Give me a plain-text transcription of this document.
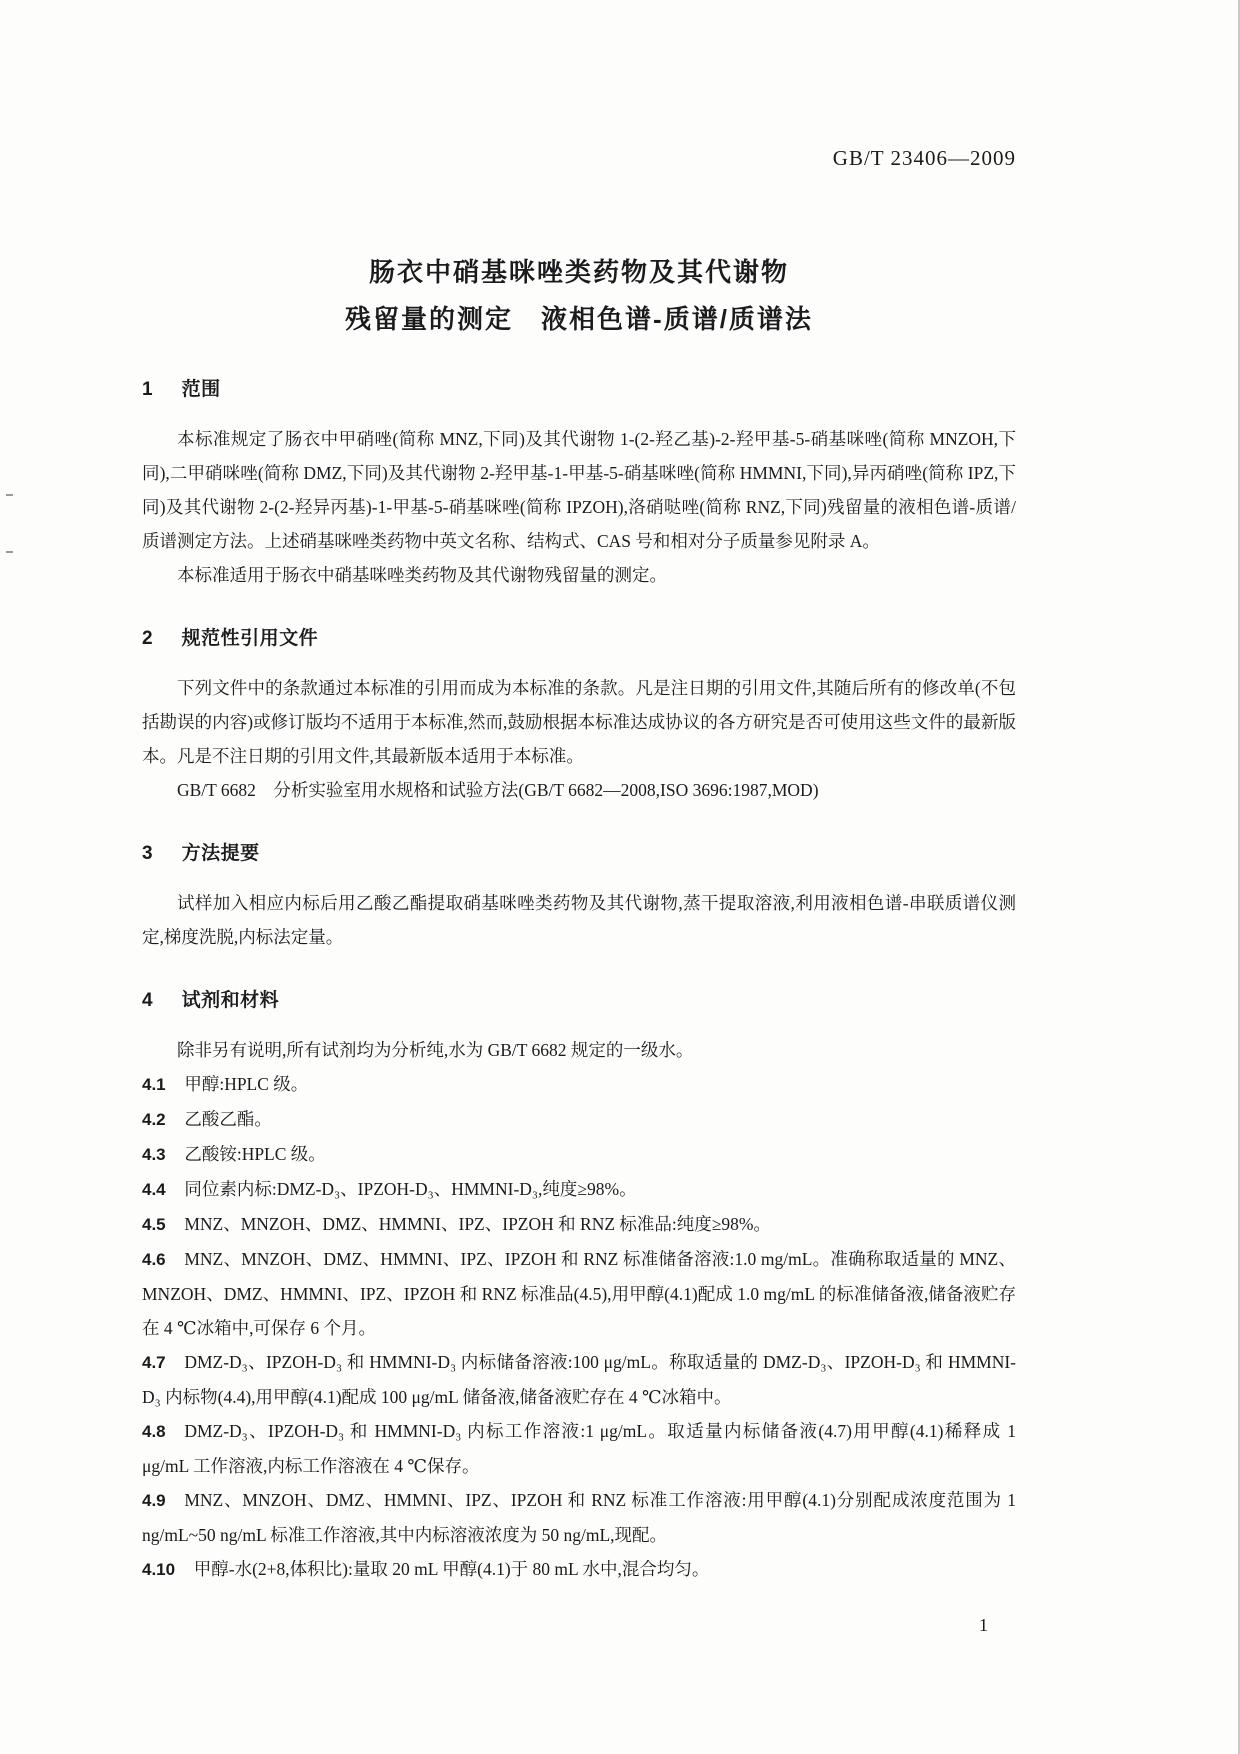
GB/T 23406—2009
肠衣中硝基咪唑类药物及其代谢物
残留量的测定　液相色谱-质谱/质谱法
1 范围

本标准规定了肠衣中甲硝唑(简称 MNZ,下同)及其代谢物 1-(2-羟乙基)-2-羟甲基-5-硝基咪唑(简称 MNZOH,下同),二甲硝咪唑(简称 DMZ,下同)及其代谢物 2-羟甲基-1-甲基-5-硝基咪唑(简称 HMMNI,下同),异丙硝唑(简称 IPZ,下同)及其代谢物 2-(2-羟异丙基)-1-甲基-5-硝基咪唑(简称 IPZOH),洛硝哒唑(简称 RNZ,下同)残留量的液相色谱-质谱/质谱测定方法。上述硝基咪唑类药物中英文名称、结构式、CAS 号和相对分子质量参见附录 A。

本标准适用于肠衣中硝基咪唑类药物及其代谢物残留量的测定。

2 规范性引用文件

下列文件中的条款通过本标准的引用而成为本标准的条款。凡是注日期的引用文件,其随后所有的修改单(不包括勘误的内容)或修订版均不适用于本标准,然而,鼓励根据本标准达成协议的各方研究是否可使用这些文件的最新版本。凡是不注日期的引用文件,其最新版本适用于本标准。

GB/T 6682　分析实验室用水规格和试验方法(GB/T 6682—2008,ISO 3696:1987,MOD)

3 方法提要

试样加入相应内标后用乙酸乙酯提取硝基咪唑类药物及其代谢物,蒸干提取溶液,利用液相色谱-串联质谱仪测定,梯度洗脱,内标法定量。

4 试剂和材料

除非另有说明,所有试剂均为分析纯,水为 GB/T 6682 规定的一级水。

4.1 甲醇:HPLC 级。

4.2 乙酸乙酯。

4.3 乙酸铵:HPLC 级。

4.4 同位素内标:DMZ-D₃、IPZOH-D₃、HMMNI-D₃,纯度≥98%。

4.5 MNZ、MNZOH、DMZ、HMMNI、IPZ、IPZOH 和 RNZ 标准品:纯度≥98%。

4.6 MNZ、MNZOH、DMZ、HMMNI、IPZ、IPZOH 和 RNZ 标准储备溶液:1.0 mg/mL。准确称取适量的 MNZ、MNZOH、DMZ、HMMNI、IPZ、IPZOH 和 RNZ 标准品(4.5),用甲醇(4.1)配成 1.0 mg/mL 的标准储备液,储备液贮存在 4 ℃冰箱中,可保存 6 个月。

4.7 DMZ-D₃、IPZOH-D₃ 和 HMMNI-D₃ 内标储备溶液:100 μg/mL。称取适量的 DMZ-D₃、IPZOH-D₃ 和 HMMNI-D₃ 内标物(4.4),用甲醇(4.1)配成 100 μg/mL 储备液,储备液贮存在 4 ℃冰箱中。

4.8 DMZ-D₃、IPZOH-D₃ 和 HMMNI-D₃ 内标工作溶液:1 μg/mL。取适量内标储备液(4.7)用甲醇(4.1)稀释成 1 μg/mL 工作溶液,内标工作溶液在 4 ℃保存。

4.9 MNZ、MNZOH、DMZ、HMMNI、IPZ、IPZOH 和 RNZ 标准工作溶液:用甲醇(4.1)分别配成浓度范围为 1 ng/mL~50 ng/mL 标准工作溶液,其中内标溶液浓度为 50 ng/mL,现配。

4.10 甲醇-水(2+8,体积比):量取 20 mL 甲醇(4.1)于 80 mL 水中,混合均匀。

1
